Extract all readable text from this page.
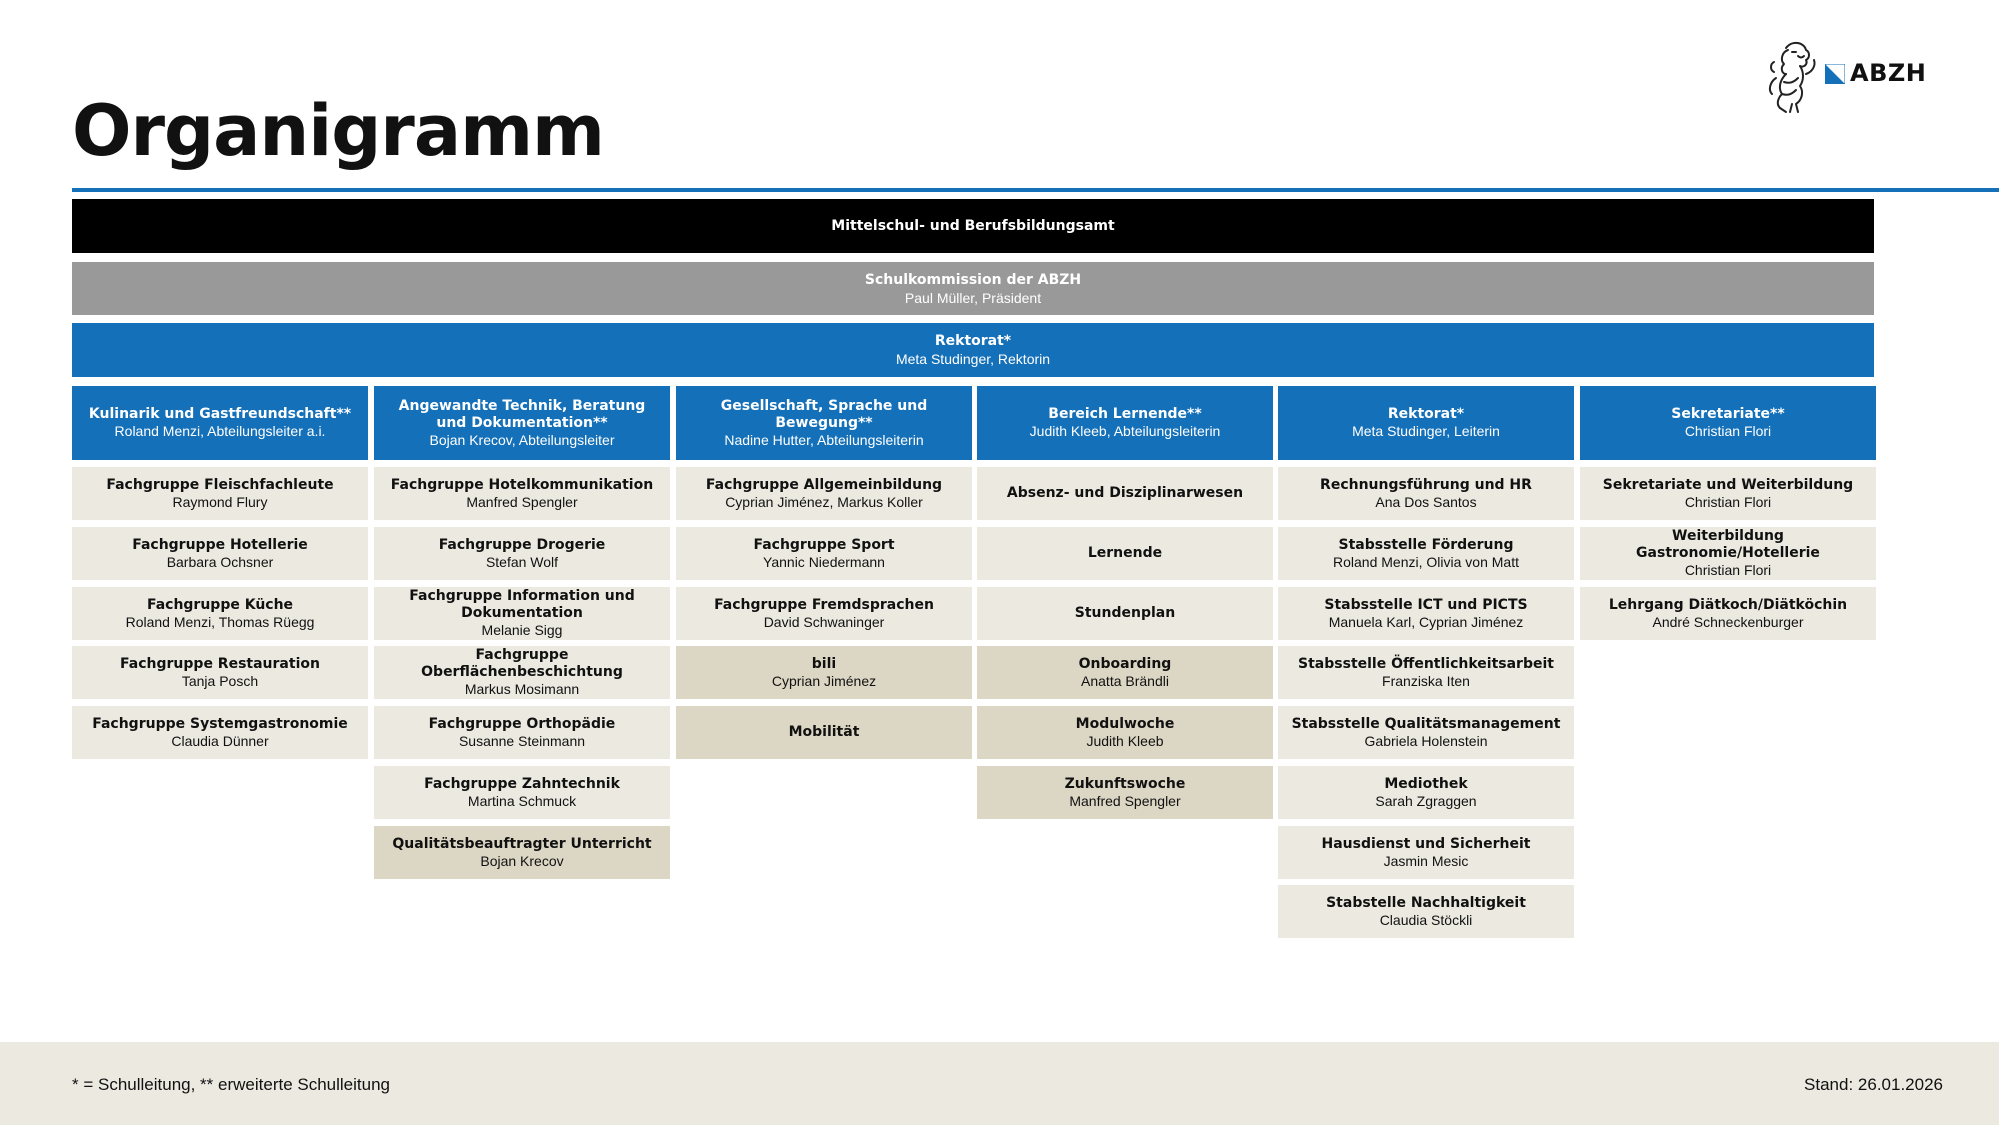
Organigramm
ABZH
Mittelschul- und Berufsbildungsamt
Schulkommission der ABZH
Paul Müller, Präsident
Rektorat*
Meta Studinger, Rektorin
Kulinarik und Gastfreundschaft**
Roland Menzi, Abteilungsleiter a.i.
Fachgruppe Fleischfachleute
Raymond Flury
Fachgruppe Hotellerie
Barbara Ochsner
Fachgruppe Küche
Roland Menzi, Thomas Rüegg
Fachgruppe Restauration
Tanja Posch
Fachgruppe Systemgastronomie
Claudia Dünner
Angewandte Technik, Beratung und Dokumentation**
Bojan Krecov, Abteilungsleiter
Fachgruppe Hotelkommunikation
Manfred Spengler
Fachgruppe Drogerie
Stefan Wolf
Fachgruppe Information und Dokumentation
Melanie Sigg
Fachgruppe Oberflächenbeschichtung
Markus Mosimann
Fachgruppe Orthopädie
Susanne Steinmann
Fachgruppe Zahntechnik
Martina Schmuck
Qualitätsbeauftragter Unterricht
Bojan Krecov
Gesellschaft, Sprache und Bewegung**
Nadine Hutter, Abteilungsleiterin
Fachgruppe Allgemeinbildung
Cyprian Jiménez, Markus Koller
Fachgruppe Sport
Yannic Niedermann
Fachgruppe Fremdsprachen
David Schwaninger
bili
Cyprian Jiménez
Mobilität
Bereich Lernende**
Judith Kleeb, Abteilungsleiterin
Absenz- und Disziplinarwesen
Lernende
Stundenplan
Onboarding
Anatta Brändli
Modulwoche
Judith Kleeb
Zukunftswoche
Manfred Spengler
Rektorat*
Meta Studinger, Leiterin
Rechnungsführung und HR
Ana Dos Santos
Stabsstelle Förderung
Roland Menzi, Olivia von Matt
Stabsstelle ICT und PICTS
Manuela Karl, Cyprian Jiménez
Stabsstelle Öffentlichkeitsarbeit
Franziska Iten
Stabsstelle Qualitätsmanagement
Gabriela Holenstein
Mediothek
Sarah Zgraggen
Hausdienst und Sicherheit
Jasmin Mesic
Stabstelle Nachhaltigkeit
Claudia Stöckli
Sekretariate**
Christian Flori
Sekretariate und Weiterbildung
Christian Flori
Weiterbildung Gastronomie/Hotellerie
Christian Flori
Lehrgang Diätkoch/Diätköchin
André Schneckenburger
* = Schulleitung, ** erweiterte Schulleitung	Stand: 26.01.2026
